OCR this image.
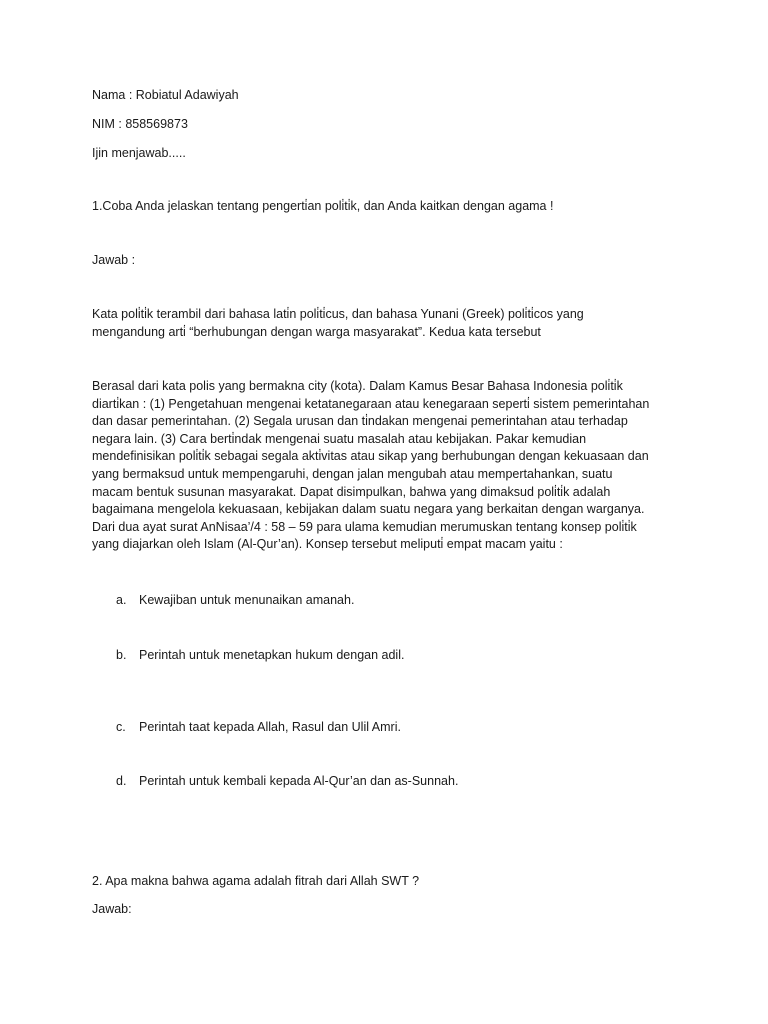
Nama : Robiatul Adawiyah
NIM : 858569873
Ijin menjawab.....
1.Coba Anda jelaskan tentang pengerti̇an poli̇ti̇k, dan Anda kaitkan dengan agama !
Jawab :

Kata poli̇ti̇k terambil dari bahasa lati̇n poli̇ti̇cus, dan bahasa Yunani (Greek) poli̇ti̇cos yang

mengandung arti̇ “berhubungan dengan warga masyarakat”. Kedua kata tersebut

Berasal dari kata polis yang bermakna city (kota). Dalam Kamus Besar Bahasa Indonesia poli̇ti̇k

diarti̇kan : (1) Pengetahuan mengenai ketatanegaraan atau kenegaraan seperti̇ sistem pemerintahan

dan dasar pemerintahan. (2) Segala urusan dan ti̇ndakan mengenai pemerintahan atau terhadap

negara lain. (3) Cara berti̇ndak mengenai suatu masalah atau kebijakan. Pakar kemudian

mendefinisikan poli̇ti̇k sebagai segala akti̇vitas atau sikap yang berhubungan dengan kekuasaan dan

yang bermaksud untuk mempengaruhi, dengan jalan mengubah atau mempertahankan, suatu

macam bentuk susunan masyarakat. Dapat disimpulkan, bahwa yang dimaksud poli̇ti̇k adalah

bagaimana mengelola kekuasaan, kebijakan dalam suatu negara yang berkaitan dengan warganya.

Dari dua ayat surat AnNisaa’/4 : 58 – 59 para ulama kemudian merumuskan tentang konsep poli̇ti̇k

yang diajarkan oleh Islam (Al-Qur’an). Konsep tersebut meliputi̇ empat macam yaitu :

a. Kewajiban untuk menunaikan amanah.
b. Perintah untuk menetapkan hukum dengan adil.
c. Perintah taat kepada Allah, Rasul dan Ulil Amri.
d. Perintah untuk kembali kepada Al-Qur’an dan as-Sunnah.
2. Apa makna bahwa agama adalah fitrah dari Allah SWT ?
Jawab:
